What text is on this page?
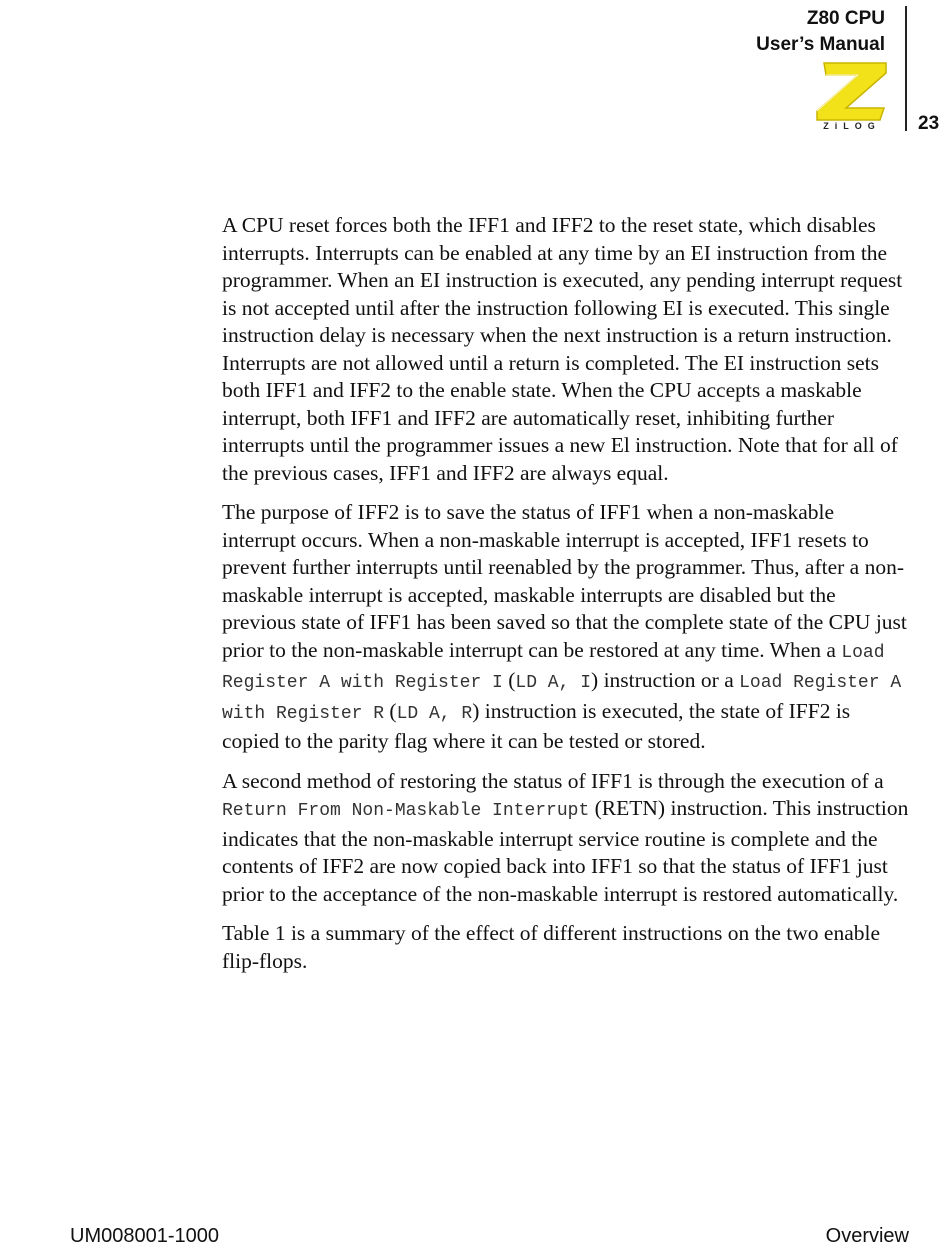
Z80 CPU
User’s Manual
ZiLOG	23

A CPU reset forces both the IFF1 and IFF2 to the reset state, which disables interrupts. Interrupts can be enabled at any time by an EI instruction from the programmer. When an EI instruction is executed, any pending interrupt request is not accepted until after the instruction following EI is executed. This single instruction delay is necessary when the next instruction is a return instruction. Interrupts are not allowed until a return is completed. The EI instruction sets both IFF1 and IFF2 to the enable state. When the CPU accepts a maskable interrupt, both IFF1 and IFF2 are automatically reset, inhibiting further interrupts until the programmer issues a new El instruction. Note that for all of the previous cases, IFF1 and IFF2 are always equal.

The purpose of IFF2 is to save the status of IFF1 when a non-maskable interrupt occurs. When a non-maskable interrupt is accepted, IFF1 resets to prevent further interrupts until reenabled by the programmer. Thus, after a non-maskable interrupt is accepted, maskable interrupts are disabled but the previous state of IFF1 has been saved so that the complete state of the CPU just prior to the non-maskable interrupt can be restored at any time. When a Load Register A with Register I (LD A, I) instruction or a Load Register A with Register R (LD A, R) instruction is executed, the state of IFF2 is copied to the parity flag where it can be tested or stored.

A second method of restoring the status of IFF1 is through the execution of a Return From Non-Maskable Interrupt (RETN) instruction. This instruction indicates that the non-maskable interrupt service routine is complete and the contents of IFF2 are now copied back into IFF1 so that the status of IFF1 just prior to the acceptance of the non-maskable interrupt is restored automatically.

Table 1 is a summary of the effect of different instructions on the two enable flip-flops.

UM008001-1000	Overview
